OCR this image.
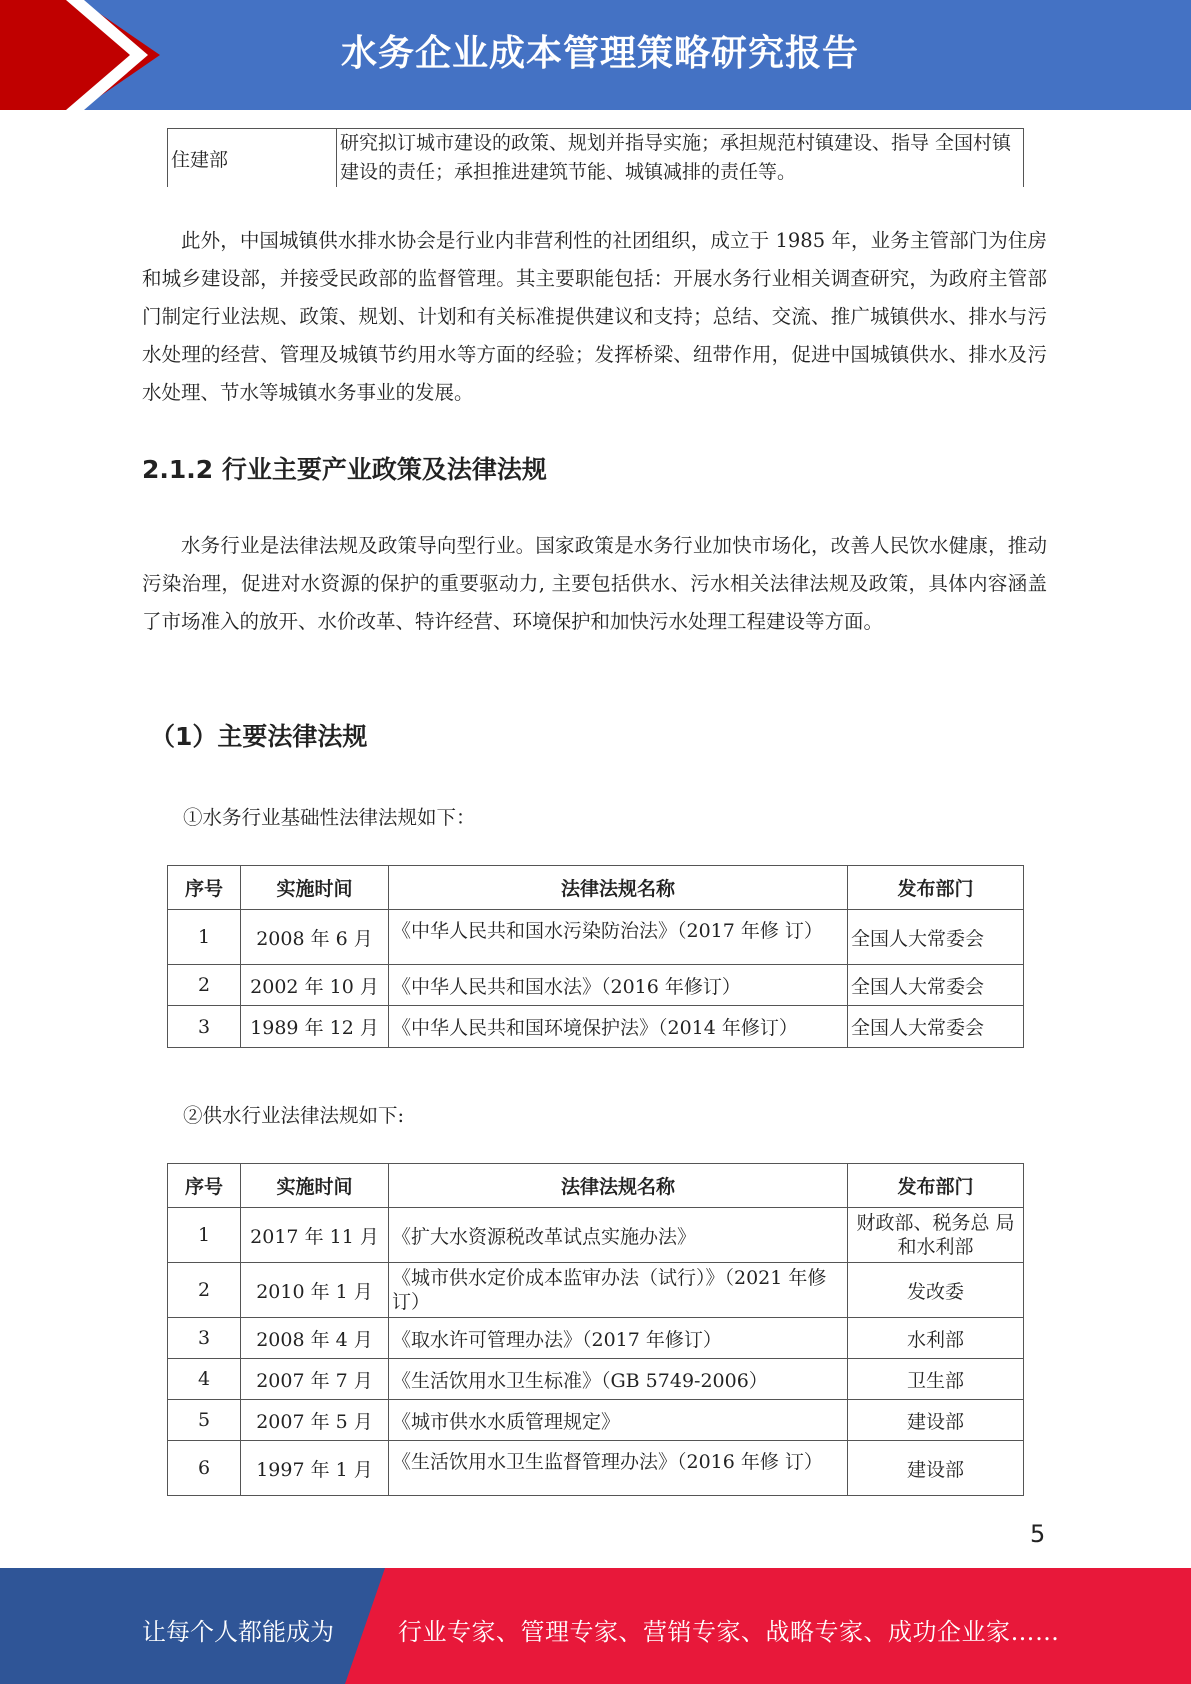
水务企业成本管理策略研究报告
住建部	研究拟订城市建设的政策、规划并指导实施；承担规范村镇建设、指导 全国村镇建设的责任；承担推进建筑节能、城镇减排的责任等。

此外，中国城镇供水排水协会是行业内非营利性的社团组织，成立于 1985 年，业务主管部门为住房和城乡建设部，并接受民政部的监督管理。其主要职能包括：开展水务行业相关调查研究，为政府主管部门制定行业法规、政策、规划、计划和有关标准提供建议和支持；总结、交流、推广城镇供水、排水与污水处理的经营、管理及城镇节约用水等方面的经验；发挥桥梁、纽带作用，促进中国城镇供水、排水及污水处理、节水等城镇水务事业的发展。

2.1.2 行业主要产业政策及法律法规

水务行业是法律法规及政策导向型行业。国家政策是水务行业加快市场化，改善人民饮水健康，推动污染治理，促进对水资源的保护的重要驱动力, 主要包括供水、污水相关法律法规及政策，具体内容涵盖了市场准入的放开、水价改革、特许经营、环境保护和加快污水处理工程建设等方面。

（1）主要法律法规

①水务行业基础性法律法规如下：

序号	实施时间	法律法规名称	发布部门
1	2008 年 6 月	《中华人民共和国水污染防治法》（2017 年修 订）	全国人大常委会
2	2002 年 10 月	《中华人民共和国水法》（2016 年修订）	全国人大常委会
3	1989 年 12 月	《中华人民共和国环境保护法》（2014 年修订）	全国人大常委会

②供水行业法律法规如下:

序号	实施时间	法律法规名称	发布部门
1	2017 年 11 月	《扩大水资源税改革试点实施办法》	财政部、税务总 局和水利部
2	2010 年 1 月	《城市供水定价成本监审办法（试行）》（2021 年修订）	发改委
3	2008 年 4 月	《取水许可管理办法》（2017 年修订）	水利部
4	2007 年 7 月	《生活饮用水卫生标准》（GB 5749-2006）	卫生部
5	2007 年 5 月	《城市供水水质管理规定》	建设部
6	1997 年 1 月	《生活饮用水卫生监督管理办法》（2016 年修 订）	建设部
5
让每个人都能成为	行业专家、管理专家、营销专家、战略专家、成功企业家……
